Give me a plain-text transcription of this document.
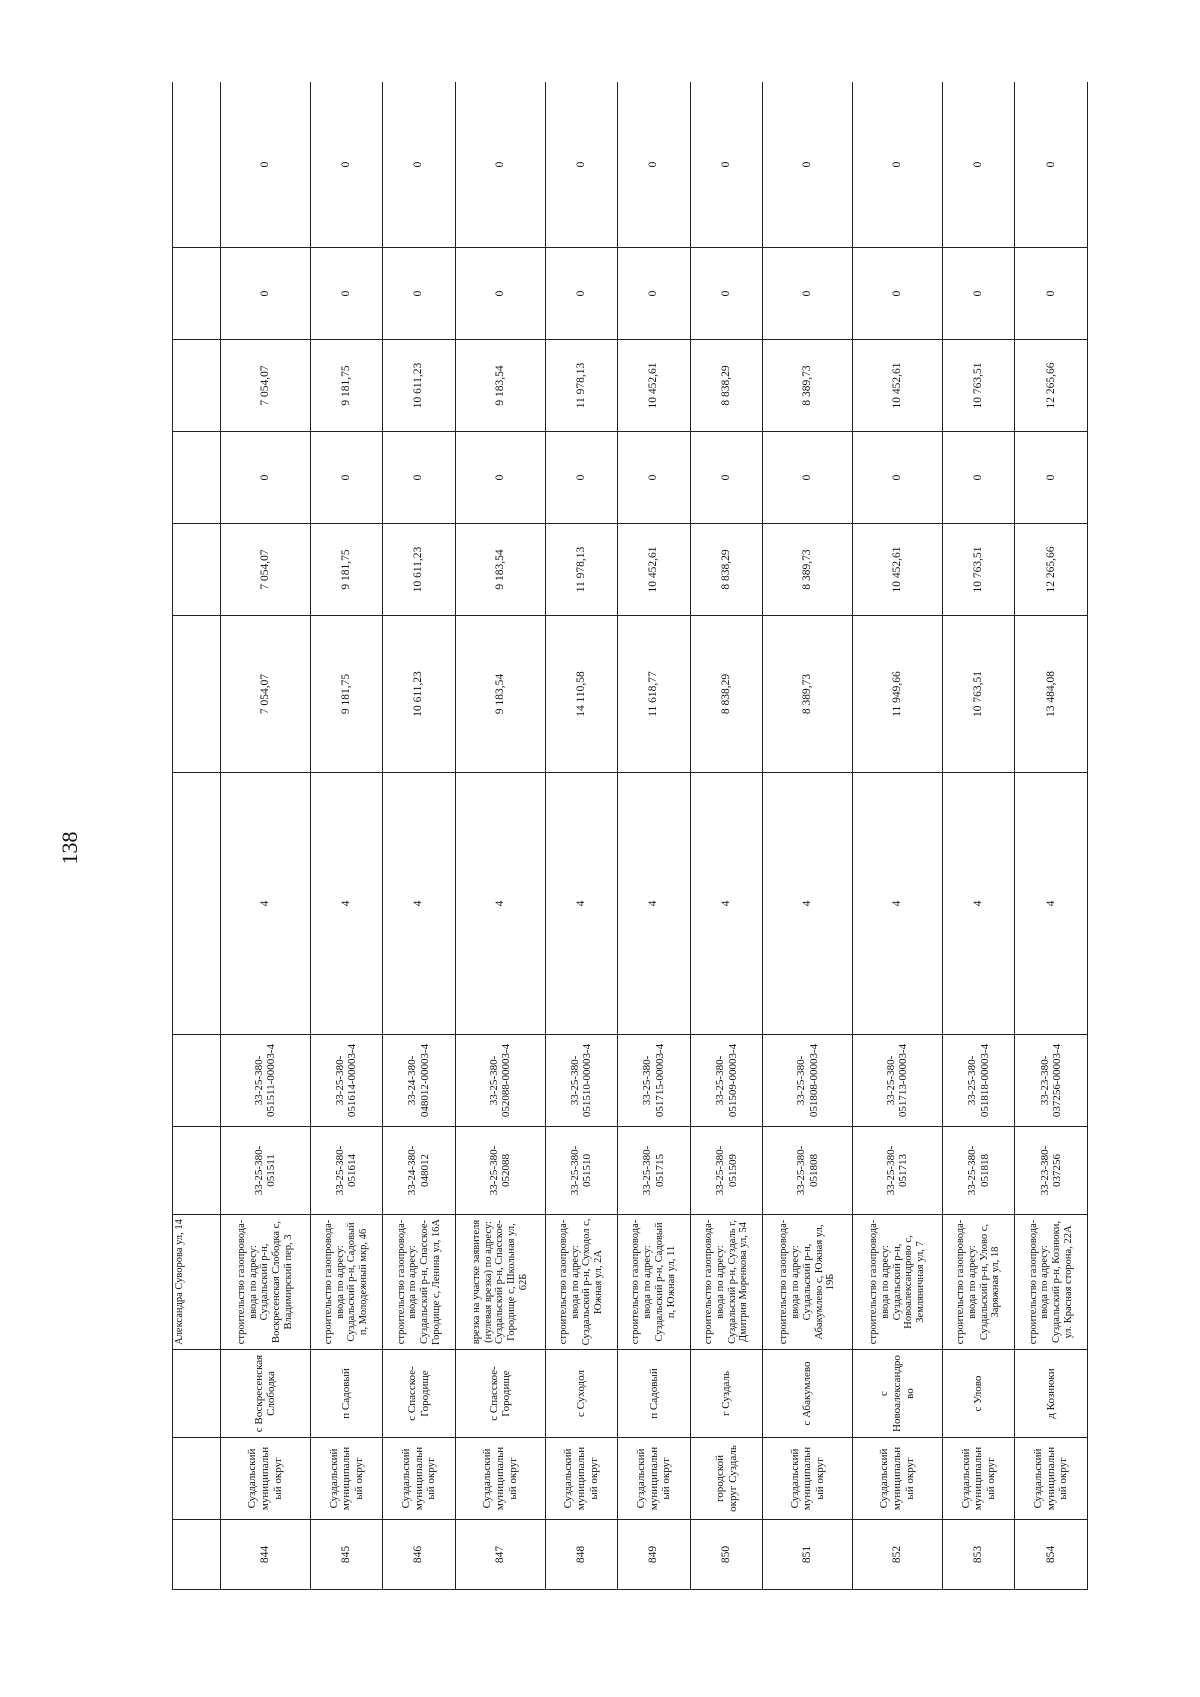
138
			Александра Суворова ул, 14									
844	Суздальский муниципальн ый округ	с Воскресенская Слободка	строительство газопровода-ввода по адресу: Суздальский р-н, Воскресенская Слободка с, Владимирский пер, 3	33-25-380-051511	33-25-380-051511-00003-4	4	7 054,07	7 054,07	0	7 054,07	0	0
845	Суздальский муниципальн ый округ	п Садовый	строительство газопровода-ввода по адресу: Суздальский р-н, Садовый п, Молодежный мкр, 46	33-25-380-051614	33-25-380-051614-00003-4	4	9 181,75	9 181,75	0	9 181,75	0	0
846	Суздальский муниципальн ый округ	с Спасское-Городище	строительство газопровода-ввода по адресу: Суздальский р-н, Спасское-Городище с, Ленина ул, 16А	33-24-380-048012	33-24-380-048012-00003-4	4	10 611,23	10 611,23	0	10 611,23	0	0
847	Суздальский муниципальн ый округ	с Спасское-Городище	врезка на участке заявителя (нулевая врезка) по адресу: Суздальский р-н, Спасское-Городище с, Школьная ул, 62Б	33-25-380-052088	33-25-380-052088-00003-4	4	9 183,54	9 183,54	0	9 183,54	0	0
848	Суздальский муниципальн ый округ	с Суходол	строительство газопровода-ввода по адресу: Суздальский р-н, Суходол с, Южная ул, 2А	33-25-380-051510	33-25-380-051510-00003-4	4	14 110,58	11 978,13	0	11 978,13	0	0
849	Суздальский муниципальн ый округ	п Садовый	строительство газопровода-ввода по адресу: Суздальский р-н, Садовый п, Южная ул, 11	33-25-380-051715	33-25-380-051715-00003-4	4	11 618,77	10 452,61	0	10 452,61	0	0
850	городской округ Суздаль	г Суздаль	строительство газопровода-ввода по адресу: Суздальский р-н, Суздаль г, Дмитрия Моренкова ул, 54	33-25-380-051509	33-25-380-051509-00003-4	4	8 838,29	8 838,29	0	8 838,29	0	0
851	Суздальский муниципальн ый округ	с Абакумлево	строительство газопровода-ввода по адресу: Суздальский р-н, Абакумлево с, Южная ул, 19Б	33-25-380-051808	33-25-380-051808-00003-4	4	8 389,73	8 389,73	0	8 389,73	0	0
852	Суздальский муниципальн ый округ	с Новоалександро во	строительство газопровода-ввода по адресу: Суздальский р-н, Новоалександрово с, Земляничная ул, 7	33-25-380-051713	33-25-380-051713-00003-4	4	11 949,66	10 452,61	0	10 452,61	0	0
853	Суздальский муниципальн ый округ	с Улово	строительство газопровода-ввода по адресу: Суздальский р-н, Улово с, Заряжная ул, 18	33-25-380-051818	33-25-380-051818-00003-4	4	10 763,51	10 763,51	0	10 763,51	0	0
854	Суздальский муниципальн ый округ	д Кознюки	строительство газопровода-ввода по адресу: Суздальский р-н, Кознюки, ул. Красная сторона, 22А	33-23-380-037256	33-23-380-037256-00003-4	4	13 484,08	12 265,66	0	12 265,66	0	0
